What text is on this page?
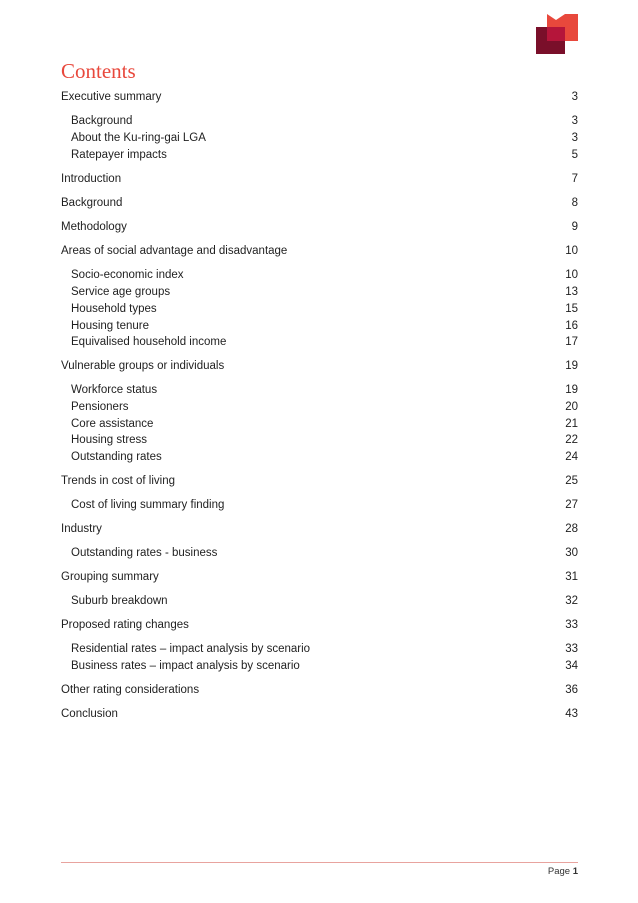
Contents
Executive summary	3
Background	3
About the Ku-ring-gai LGA	3
Ratepayer impacts	5
Introduction	7
Background	8
Methodology	9
Areas of social advantage and disadvantage	10
Socio-economic index	10
Service age groups	13
Household types	15
Housing tenure	16
Equivalised household income	17
Vulnerable groups or individuals	19
Workforce status	19
Pensioners	20
Core assistance	21
Housing stress	22
Outstanding rates	24
Trends in cost of living	25
Cost of living summary finding	27
Industry	28
Outstanding rates - business	30
Grouping summary	31
Suburb breakdown	32
Proposed rating changes	33
Residential rates – impact analysis by scenario	33
Business rates – impact analysis by scenario	34
Other rating considerations	36
Conclusion	43
Page 1
